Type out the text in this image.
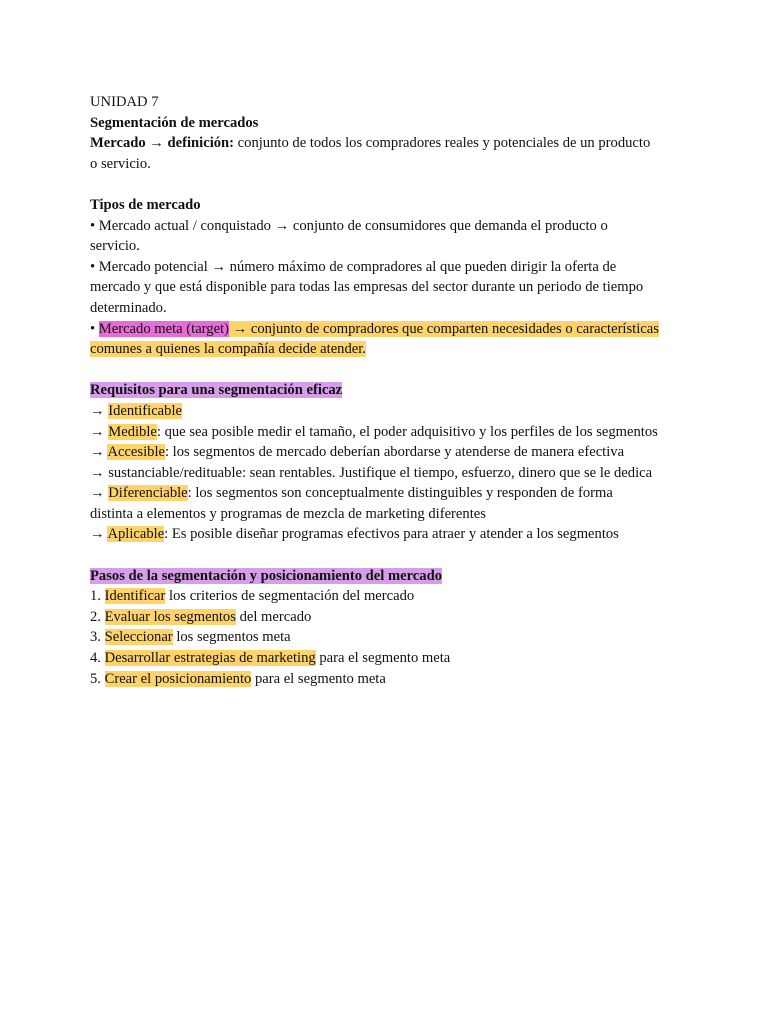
UNIDAD 7
Segmentación de mercados
Mercado → definición: conjunto de todos los compradores reales y potenciales de un producto
o servicio.
Tipos de mercado
• Mercado actual / conquistado → conjunto de consumidores que demanda el producto o
servicio.
• Mercado potencial → número máximo de compradores al que pueden dirigir la oferta de
mercado y que está disponible para todas las empresas del sector durante un periodo de tiempo
determinado.
• Mercado meta (target) → conjunto de compradores que comparten necesidades o características
comunes a quienes la compañía decide atender.
Requisitos para una segmentación eficaz
→ Identificable
→ Medible: que sea posible medir el tamaño, el poder adquisitivo y los perfiles de los segmentos
→ Accesible: los segmentos de mercado deberían abordarse y atenderse de manera efectiva
→ sustanciable/redituable: sean rentables. Justifique el tiempo, esfuerzo, dinero que se le dedica
→ Diferenciable: los segmentos son conceptualmente distinguibles y responden de forma
distinta a elementos y programas de mezcla de marketing diferentes
→ Aplicable: Es posible diseñar programas efectivos para atraer y atender a los segmentos
Pasos de la segmentación y posicionamiento del mercado
1. Identificar los criterios de segmentación del mercado
2. Evaluar los segmentos del mercado
3. Seleccionar los segmentos meta
4. Desarrollar estrategias de marketing para el segmento meta
5. Crear el posicionamiento para el segmento meta
